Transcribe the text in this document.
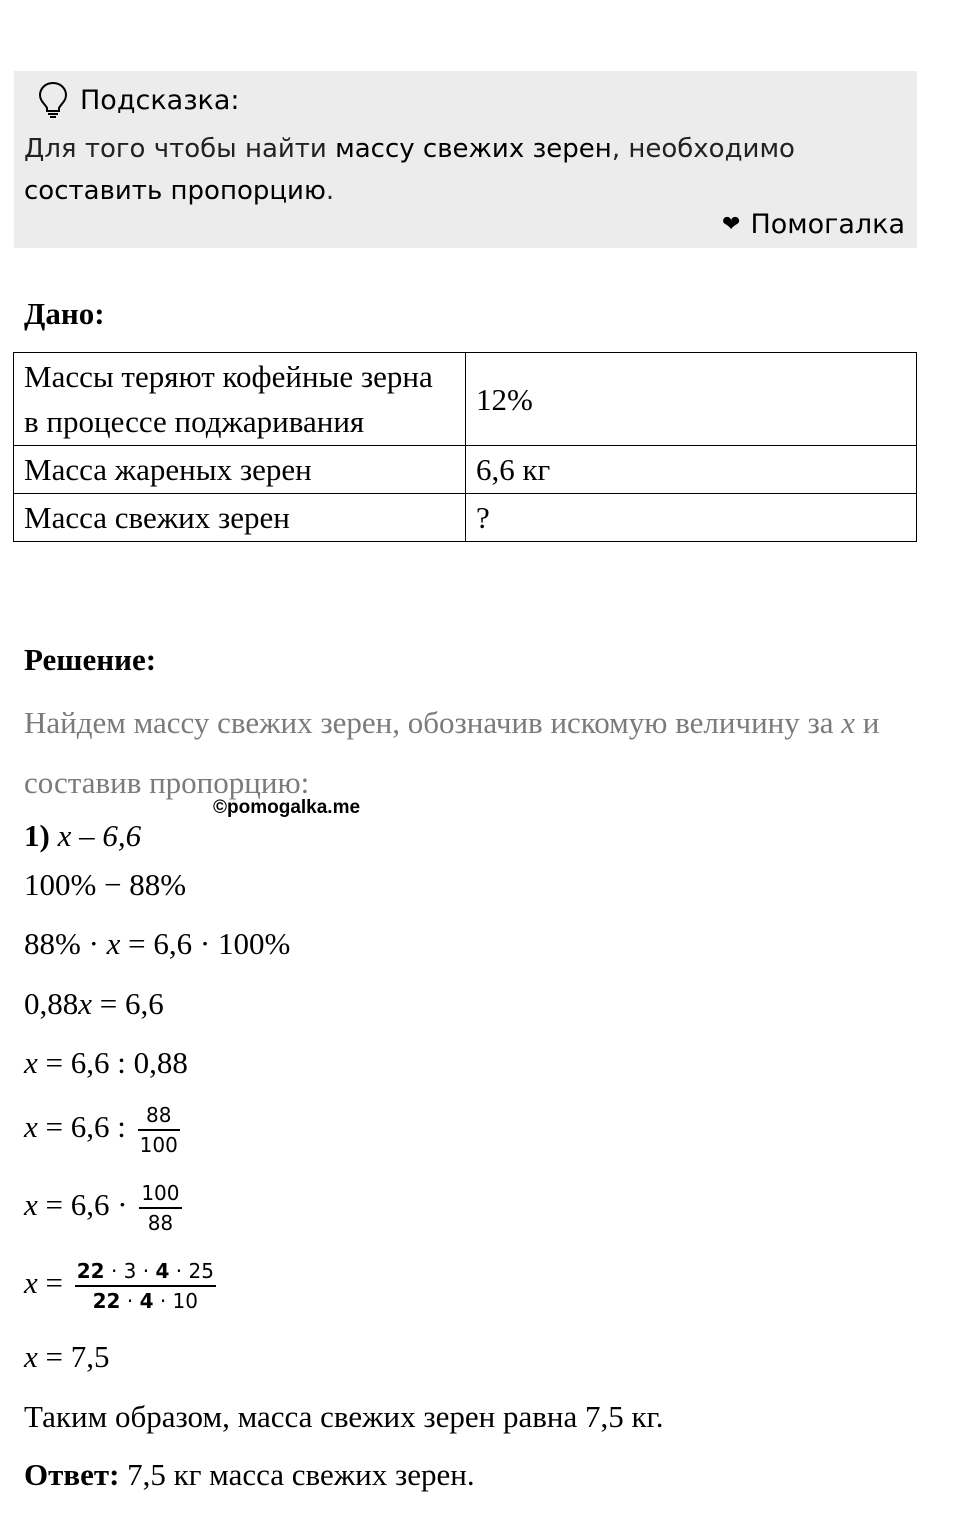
Подсказка:
Для того чтобы найти массу свежих зерен, необходимо составить пропорцию.
❤ Помогалка
Дано:
Массы теряют кофейные зерна в процессе поджаривания	12%
Масса жареных зерен	6,6 кг
Масса свежих зерен	?
Решение:
Найдем массу свежих зерен, обозначив искомую величину за x и составив пропорцию:
©pomogalka.me
1) x – 6,6
100% − 88%
88% · x = 6,6 · 100%
0,88x = 6,6
x = 6,6 : 0,88
x = 6,6 : $\frac{88}{100}$
$x = 6,6 \cdot \frac{100}{88}$
$x = \frac{22 \cdot 3 \cdot 4 \cdot 25}{22 \cdot 4 \cdot 10}$
x = 7,5
Таким образом, масса свежих зерен равна 7,5 кг.
Ответ: 7,5 кг масса свежих зерен.
